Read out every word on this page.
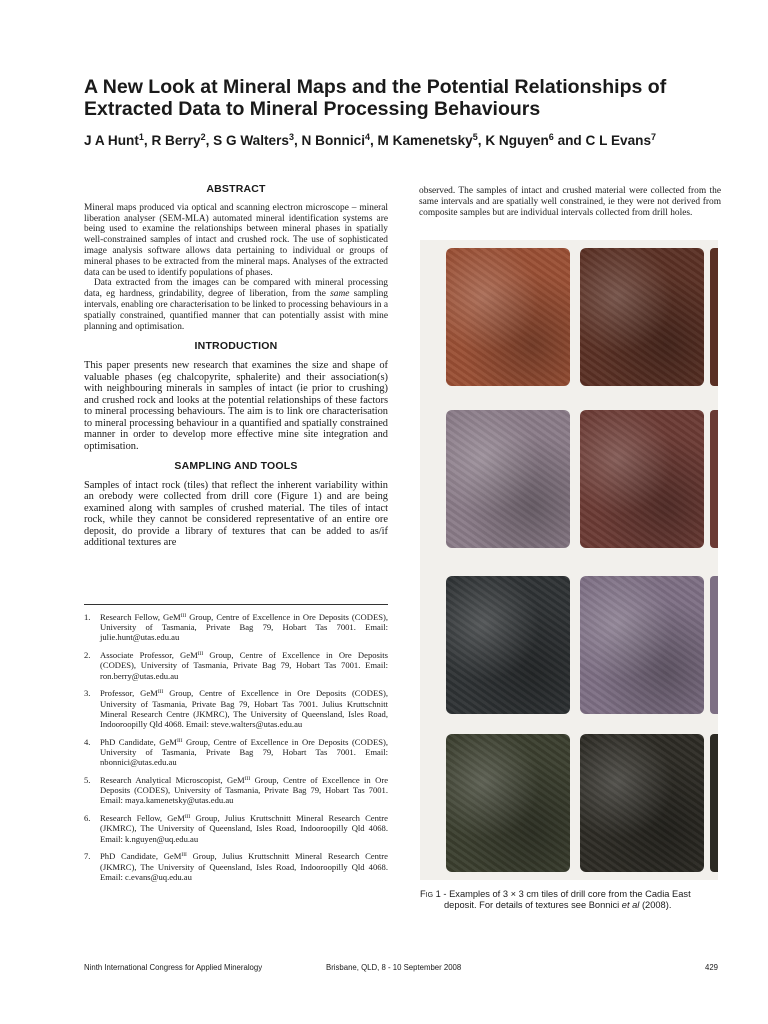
A New Look at Mineral Maps and the Potential Relationships of Extracted Data to Mineral Processing Behaviours
J A Hunt$^1$, R Berry$^2$, S G Walters$^3$, N Bonnici$^4$, M Kamenetsky$^5$, K Nguyen$^6$ and C L Evans$^7$
ABSTRACT

Mineral maps produced via optical and scanning electron microscope – mineral liberation analyser (SEM-MLA) automated mineral identification systems are being used to examine the relationships between mineral phases in spatially well-constrained samples of intact and crushed rock. The use of sophisticated image analysis software allows data pertaining to individual or groups of mineral phases to be extracted from the mineral maps. Analyses of the extracted data can be used to identify populations of phases.

Data extracted from the images can be compared with mineral processing data, eg hardness, grindability, degree of liberation, from the same sampling intervals, enabling ore characterisation to be linked to processing behaviours in a spatially constrained, quantified manner that can potentially assist with mine planning and optimisation.

INTRODUCTION

This paper presents new research that examines the size and shape of valuable phases (eg chalcopyrite, sphalerite) and their association(s) with neighbouring minerals in samples of intact (ie prior to crushing) and crushed rock and looks at the potential relationships of these factors to mineral processing behaviours. The aim is to link ore characterisation to mineral processing behaviour in a quantified and spatially constrained manner in order to develop more effective mine site integration and optimisation.

SAMPLING AND TOOLS

Samples of intact rock (tiles) that reflect the inherent variability within an orebody were collected from drill core (Figure 1) and are being examined along with samples of crushed material. The tiles of intact rock, while they cannot be considered representative of an entire ore deposit, do provide a library of textures that can be added to as/if additional textures are

1.	Research Fellow, GeM$^{III}$ Group, Centre of Excellence in Ore Deposits (CODES), University of Tasmania, Private Bag 79, Hobart Tas 7001. Email: julie.hunt@utas.edu.au
2.	Associate Professor, GeM$^{III}$ Group, Centre of Excellence in Ore Deposits (CODES), University of Tasmania, Private Bag 79, Hobart Tas 7001. Email: ron.berry@utas.edu.au
3.	Professor, GeM$^{III}$ Group, Centre of Excellence in Ore Deposits (CODES), University of Tasmania, Private Bag 79, Hobart Tas 7001. Julius Kruttschnitt Mineral Research Centre (JKMRC), The University of Queensland, Isles Road, Indooroopilly Qld 4068. Email: steve.walters@utas.edu.au
4.	PhD Candidate, GeM$^{III}$ Group, Centre of Excellence in Ore Deposits (CODES), University of Tasmania, Private Bag 79, Hobart Tas 7001. Email: nbonnici@utas.edu.au
5.	Research Analytical Microscopist, GeM$^{III}$ Group, Centre of Excellence in Ore Deposits (CODES), University of Tasmania, Private Bag 79, Hobart Tas 7001. Email: maya.kamenetsky@utas.edu.au
6.	Research Fellow, GeM$^{III}$ Group, Julius Kruttschnitt Mineral Research Centre (JKMRC), The University of Queensland, Isles Road, Indooroopilly Qld 4068. Email: k.nguyen@uq.edu.au
7.	PhD Candidate, GeM$^{III}$ Group, Julius Kruttschnitt Mineral Research Centre (JKMRC), The University of Queensland, Isles Road, Indooroopilly Qld 4068. Email: c.evans@uq.edu.au

observed. The samples of intact and crushed material were collected from the same intervals and are spatially well constrained, ie they were not derived from composite samples but are individual intervals collected from drill holes.

Fig 1 - Examples of 3 × 3 cm tiles of drill core from the Cadia East
deposit. For details of textures see Bonnici et al (2008).
Ninth International Congress for Applied Mineralogy	Brisbane, QLD, 8 - 10 September 2008	429
